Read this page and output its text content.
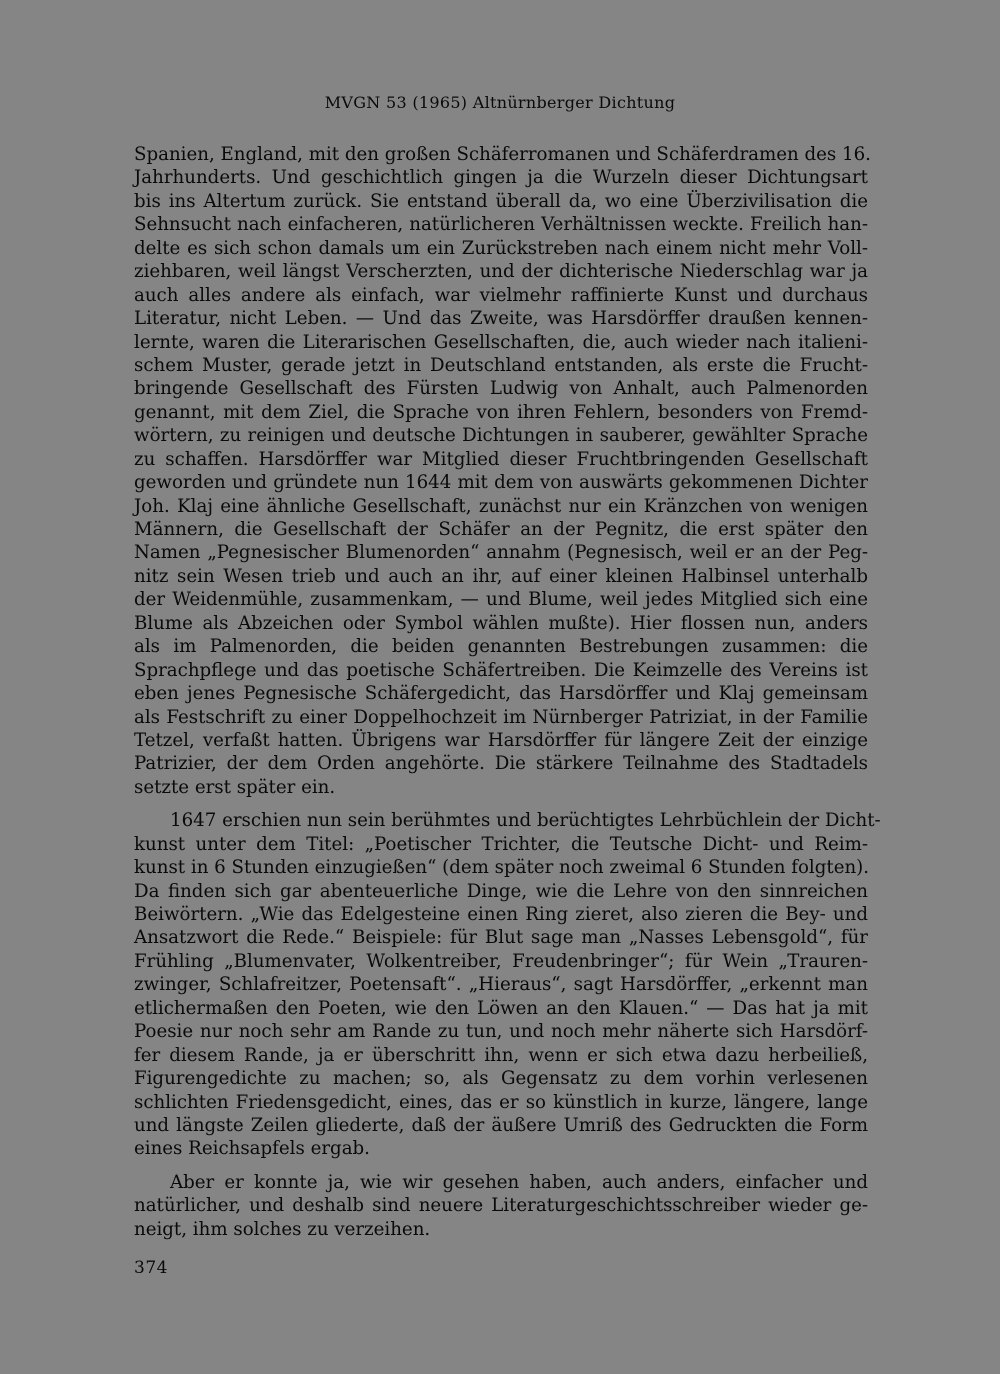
MVGN 53 (1965) Altnürnberger Dichtung
Spanien, England, mit den großen Schäferromanen und Schäferdramen des 16.
Jahrhunderts. Und geschichtlich gingen ja die Wurzeln dieser Dichtungsart
bis ins Altertum zurück. Sie entstand überall da, wo eine Überzivilisation die
Sehnsucht nach einfacheren, natürlicheren Verhältnissen weckte. Freilich han-
delte es sich schon damals um ein Zurückstreben nach einem nicht mehr Voll-
ziehbaren, weil längst Verscherzten, und der dichterische Niederschlag war ja
auch alles andere als einfach, war vielmehr raffinierte Kunst und durchaus
Literatur, nicht Leben. — Und das Zweite, was Harsdörffer draußen kennen-
lernte, waren die Literarischen Gesellschaften, die, auch wieder nach italieni-
schem Muster, gerade jetzt in Deutschland entstanden, als erste die Frucht-
bringende Gesellschaft des Fürsten Ludwig von Anhalt, auch Palmenorden
genannt, mit dem Ziel, die Sprache von ihren Fehlern, besonders von Fremd-
wörtern, zu reinigen und deutsche Dichtungen in sauberer, gewählter Sprache
zu schaffen. Harsdörffer war Mitglied dieser Fruchtbringenden Gesellschaft
geworden und gründete nun 1644 mit dem von auswärts gekommenen Dichter
Joh. Klaj eine ähnliche Gesellschaft, zunächst nur ein Kränzchen von wenigen
Männern, die Gesellschaft der Schäfer an der Pegnitz, die erst später den
Namen „Pegnesischer Blumenorden“ annahm (Pegnesisch, weil er an der Peg-
nitz sein Wesen trieb und auch an ihr, auf einer kleinen Halbinsel unterhalb
der Weidenmühle, zusammenkam, — und Blume, weil jedes Mitglied sich eine
Blume als Abzeichen oder Symbol wählen mußte). Hier flossen nun, anders
als im Palmenorden, die beiden genannten Bestrebungen zusammen: die
Sprachpflege und das poetische Schäfertreiben. Die Keimzelle des Vereins ist
eben jenes Pegnesische Schäfergedicht, das Harsdörffer und Klaj gemeinsam
als Festschrift zu einer Doppelhochzeit im Nürnberger Patriziat, in der Familie
Tetzel, verfaßt hatten. Übrigens war Harsdörffer für längere Zeit der einzige
Patrizier, der dem Orden angehörte. Die stärkere Teilnahme des Stadtadels
setzte erst später ein.
1647 erschien nun sein berühmtes und berüchtigtes Lehrbüchlein der Dicht-
kunst unter dem Titel: „Poetischer Trichter, die Teutsche Dicht- und Reim-
kunst in 6 Stunden einzugießen“ (dem später noch zweimal 6 Stunden folgten).
Da finden sich gar abenteuerliche Dinge, wie die Lehre von den sinnreichen
Beiwörtern. „Wie das Edelgesteine einen Ring zieret, also zieren die Bey- und
Ansatzwort die Rede.“ Beispiele: für Blut sage man „Nasses Lebensgold“, für
Frühling „Blumenvater, Wolkentreiber, Freudenbringer“; für Wein „Trauren-
zwinger, Schlafreitzer, Poetensaft“. „Hieraus“, sagt Harsdörffer, „erkennt man
etlichermaßen den Poeten, wie den Löwen an den Klauen.“ — Das hat ja mit
Poesie nur noch sehr am Rande zu tun, und noch mehr näherte sich Harsdörf-
fer diesem Rande, ja er überschritt ihn, wenn er sich etwa dazu herbeiließ,
Figurengedichte zu machen; so, als Gegensatz zu dem vorhin verlesenen
schlichten Friedensgedicht, eines, das er so künstlich in kurze, längere, lange
und längste Zeilen gliederte, daß der äußere Umriß des Gedruckten die Form
eines Reichsapfels ergab.
Aber er konnte ja, wie wir gesehen haben, auch anders, einfacher und
natürlicher, und deshalb sind neuere Literaturgeschichtsschreiber wieder ge-
neigt, ihm solches zu verzeihen.
374
